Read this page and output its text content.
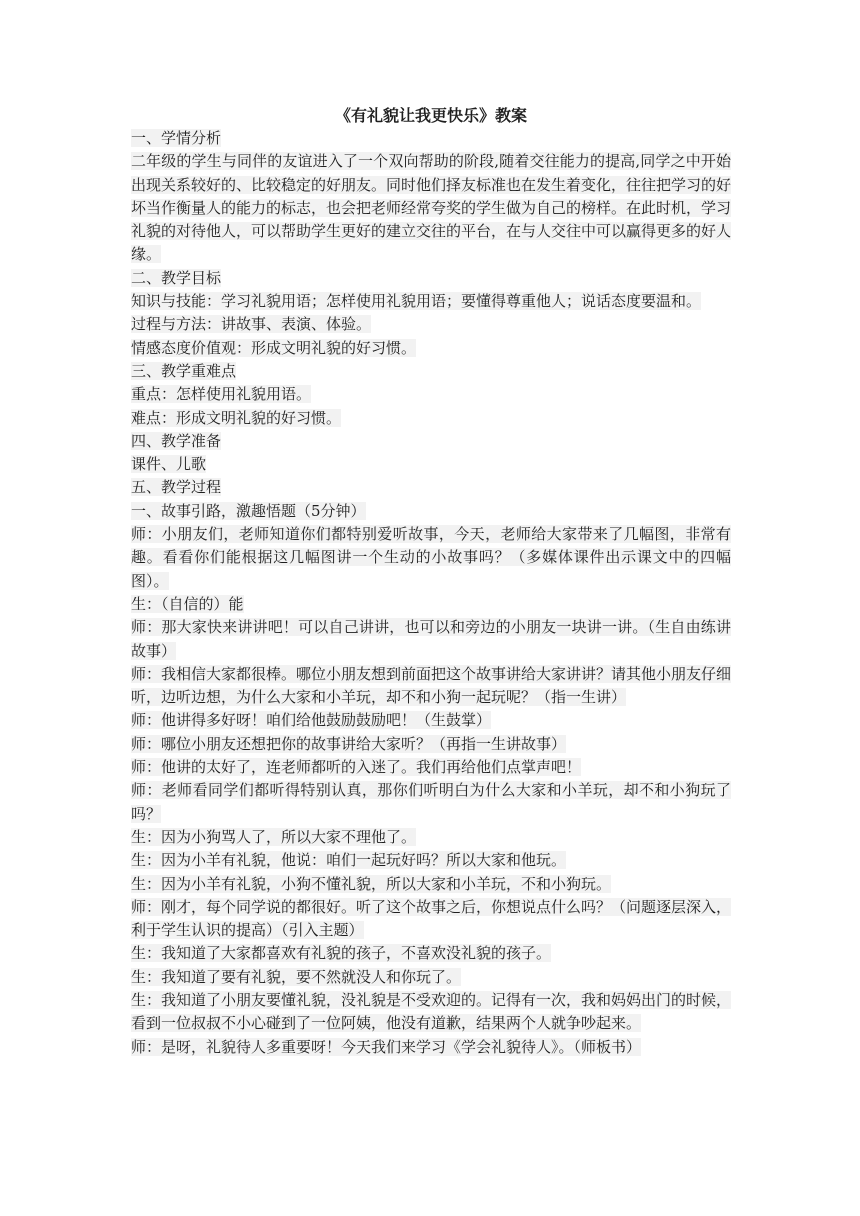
《有礼貌让我更快乐》教案

一、学情分析

二年级的学生与同伴的友谊进入了一个双向帮助的阶段,随着交往能力的提高,同学之中开始出现关系较好的、比较稳定的好朋友。同时他们择友标准也在发生着变化，往往把学习的好坏当作衡量人的能力的标志，也会把老师经常夸奖的学生做为自己的榜样。在此时机，学习礼貌的对待他人，可以帮助学生更好的建立交往的平台，在与人交往中可以赢得更多的好人缘。

二、教学目标

知识与技能：学习礼貌用语；怎样使用礼貌用语；要懂得尊重他人；说话态度要温和。

过程与方法：讲故事、表演、体验。

情感态度价值观：形成文明礼貌的好习惯。

三、教学重难点

重点：怎样使用礼貌用语。

难点：形成文明礼貌的好习惯。

四、教学准备

课件、儿歌

五、教学过程

一、故事引路，激趣悟题（5分钟）

师：小朋友们，老师知道你们都特别爱听故事，今天，老师给大家带来了几幅图，非常有趣。看看你们能根据这几幅图讲一个生动的小故事吗？（多媒体课件出示课文中的四幅图）。

生：（自信的）能

师：那大家快来讲讲吧！可以自己讲讲，也可以和旁边的小朋友一块讲一讲。（生自由练讲故事）

师：我相信大家都很棒。哪位小朋友想到前面把这个故事讲给大家讲讲？请其他小朋友仔细听，边听边想，为什么大家和小羊玩，却不和小狗一起玩呢？（指一生讲）

师：他讲得多好呀！咱们给他鼓励鼓励吧！（生鼓掌）

师：哪位小朋友还想把你的故事讲给大家听？（再指一生讲故事）

师：他讲的太好了，连老师都听的入迷了。我们再给他们点掌声吧！

师：老师看同学们都听得特别认真，那你们听明白为什么大家和小羊玩，却不和小狗玩了吗？

生：因为小狗骂人了，所以大家不理他了。

生：因为小羊有礼貌，他说：咱们一起玩好吗？所以大家和他玩。

生：因为小羊有礼貌，小狗不懂礼貌，所以大家和小羊玩，不和小狗玩。

师：刚才，每个同学说的都很好。听了这个故事之后，你想说点什么吗？（问题逐层深入，利于学生认识的提高）（引入主题）

生：我知道了大家都喜欢有礼貌的孩子，不喜欢没礼貌的孩子。

生：我知道了要有礼貌，要不然就没人和你玩了。

生：我知道了小朋友要懂礼貌，没礼貌是不受欢迎的。记得有一次，我和妈妈出门的时候，看到一位叔叔不小心碰到了一位阿姨，他没有道歉，结果两个人就争吵起来。

师：是呀，礼貌待人多重要呀！今天我们来学习《学会礼貌待人》。（师板书）
